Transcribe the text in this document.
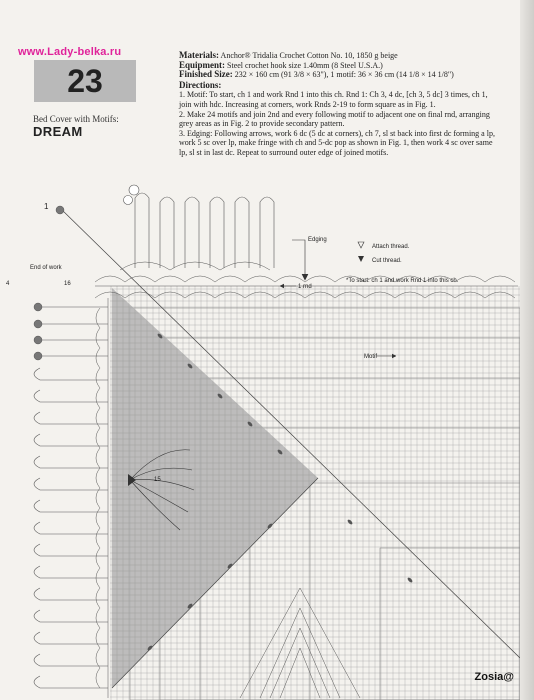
www.Lady-belka.ru
23
Bed Cover with Motifs:
DREAM

Materials: Anchor® Tridalia Crochet Cotton No. 10, 1850 g beige

Equipment: Steel crochet hook size 1.40mm (8 Steel U.S.A.)

Finished Size: 232 × 160 cm (91 3/8 × 63"), 1 motif: 36 × 36 cm (14 1/8 × 14 1/8")

Directions:

1. Motif: To start, ch 1 and work Rnd 1 into this ch. Rnd 1: Ch 3, 4 dc, [ch 3, 5 dc] 3 times, ch 1, join with hdc. Increasing at corners, work Rnds 2-19 to form square as in Fig. 1.

2. Make 24 motifs and join 2nd and every following motif to adjacent one on final rnd, arranging grey areas as in Fig. 2 to provide secondary pattern.

3. Edging: Following arrows, work 6 dc (5 dc at corners), ch 7, sl st back into first dc forming a lp, work 5 sc over lp, make fringe with ch and 5-dc pop as shown in Fig. 1, then work 4 sc over same lp, sl st in last dc. Repeat to surround outer edge of joined motifs.

Edging
Attach thread.
Cut thread.
*To start: ch 1 and work Rnd 1 into this ch.
1
End of work
4	16	1 rnd
Motif
15
Zosia@
